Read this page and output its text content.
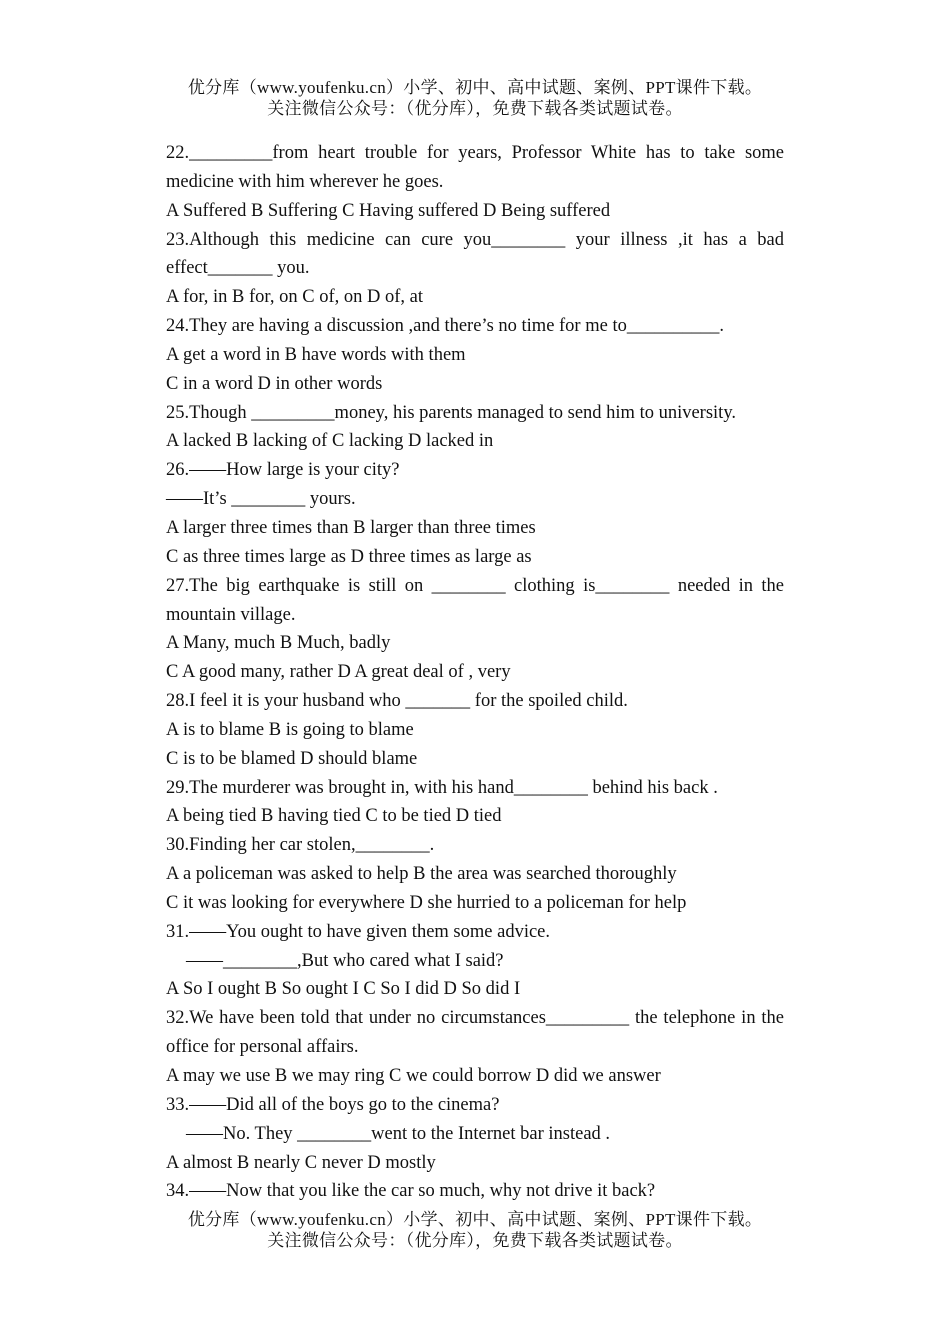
优分库（www.youfenku.cn）小学、初中、高中试题、案例、PPT课件下载。
关注微信公众号：（优分库），免费下载各类试题试卷。
22._________from heart trouble for years, Professor White has to take some medicine with him wherever he goes.
A Suffered B Suffering C Having suffered D Being suffered
23.Although this medicine can cure you________ your illness ,it has a bad effect_______ you.
A for, in B for, on C of, on D of, at
24.They are having a discussion ,and there’s no time for me to__________.
A get a word in B have words with them
C in a word D in other words
25.Though _________money, his parents managed to send him to university.
A lacked B lacking of C lacking D lacked in
26.——How large is your city?
——It’s ________ yours.
A larger three times than B larger than three times
C as three times large as D three times as large as
27.The big earthquake is still on ________ clothing is________ needed in the mountain village.
A Many, much B Much, badly
C A good many, rather D A great deal of , very
28.I feel it is your husband who _______ for the spoiled child.
A is to blame B is going to blame
C is to be blamed D should blame
29.The murderer was brought in, with his hand________ behind his back .
A being tied B having tied C to be tied D tied
30.Finding her car stolen,________.
A a policeman was asked to help B the area was searched thoroughly
C it was looking for everywhere D she hurried to a policeman for help
31.——You ought to have given them some advice.
——________,But who cared what I said?
A So I ought B So ought I C So I did D So did I
32.We have been told that under no circumstances_________ the telephone in the office for personal affairs.
A may we use B we may ring C we could borrow D did we answer
33.——Did all of the boys go to the cinema?
——No. They ________went to the Internet bar instead .
A almost B nearly C never D mostly
34.——Now that you like the car so much, why not drive it back?
优分库（www.youfenku.cn）小学、初中、高中试题、案例、PPT课件下载。
关注微信公众号：（优分库），免费下载各类试题试卷。
